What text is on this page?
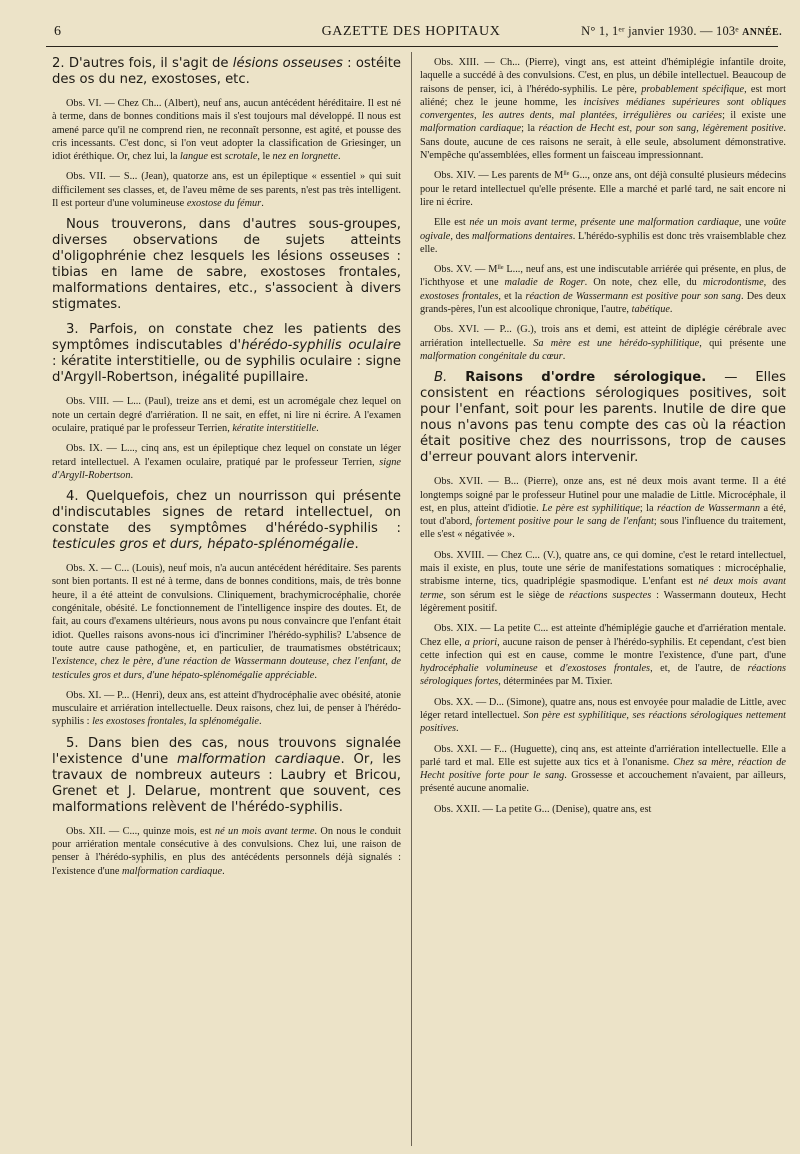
6	GAZETTE DES HOPITAUX	N° 1, 1ᵉʳ janvier 1930. — 103ᵉ ANNÉE.

2. D'autres fois, il s'agit de lésions osseuses : ostéite des os du nez, exostoses, etc.

Obs. VI. — Chez Ch... (Albert), neuf ans, aucun antécédent héréditaire. Il est né à terme, dans de bonnes conditions mais il s'est toujours mal développé. Il nous est amené parce qu'il ne comprend rien, ne reconnaît personne, est agité, et pousse des cris incessants. C'est donc, si l'on veut adopter la classification de Griesinger, un idiot éréthique. Or, chez lui, la langue est scrotale, le nez en lorgnette.

Obs. VII. — S... (Jean), quatorze ans, est un épileptique « essentiel » qui suit difficilement ses classes, et, de l'aveu même de ses parents, n'est pas très intelligent. Il est porteur d'une volumineuse exostose du fémur.

Nous trouverons, dans d'autres sous-groupes, diverses observations de sujets atteints d'oligophrénie chez lesquels les lésions osseuses : tibias en lame de sabre, exostoses frontales, malformations dentaires, etc., s'associent à divers stigmates.

3. Parfois, on constate chez les patients des symptômes indiscutables d'hérédo-syphilis oculaire : kératite interstitielle, ou de syphilis oculaire : signe d'Argyll-Robertson, inégalité pupillaire.

Obs. VIII. — L... (Paul), treize ans et demi, est un acromégale chez lequel on note un certain degré d'arriération. Il ne sait, en effet, ni lire ni écrire. A l'examen oculaire, pratiqué par le professeur Terrien, kératite interstitielle.

Obs. IX. — L..., cinq ans, est un épileptique chez lequel on constate un léger retard intellectuel. A l'examen oculaire, pratiqué par le professeur Terrien, signe d'Argyll-Robertson.

4. Quelquefois, chez un nourrisson qui présente d'indiscutables signes de retard intellectuel, on constate des symptômes d'hérédo-syphilis : testicules gros et durs, hépato-splénomégalie.

Obs. X. — C... (Louis), neuf mois, n'a aucun antécédent héréditaire. Ses parents sont bien portants. Il est né à terme, dans de bonnes conditions, mais, de très bonne heure, il a été atteint de convulsions. Cliniquement, brachymicrocéphalie, chorée congénitale, obésité. Le fonctionnement de l'intelligence inspire des doutes. Et, de fait, au cours d'examens ultérieurs, nous avons pu nous convaincre que l'enfant était idiot. Quelles raisons avons-nous ici d'incriminer l'hérédo-syphilis? L'absence de toute autre cause pathogène, et, en particulier, de traumatismes obstétricaux; l'existence, chez le père, d'une réaction de Wassermann douteuse, chez l'enfant, de testicules gros et durs, d'une hépato-splénomégalie appréciable.

Obs. XI. — P... (Henri), deux ans, est atteint d'hydrocéphalie avec obésité, atonie musculaire et arriération intellectuelle. Deux raisons, chez lui, de penser à l'hérédo-syphilis : les exostoses frontales, la splénomégalie.

5. Dans bien des cas, nous trouvons signalée l'existence d'une malformation cardiaque. Or, les travaux de nombreux auteurs : Laubry et Bricou, Grenet et J. Delarue, montrent que souvent, ces malformations relèvent de l'hérédo-syphilis.

Obs. XII. — C..., quinze mois, est né un mois avant terme. On nous le conduit pour arriération mentale consécutive à des convulsions. Chez lui, une raison de penser à l'hérédo-syphilis, en plus des antécédents personnels déjà signalés : l'existence d'une malformation cardiaque.

Obs. XIII. — Ch... (Pierre), vingt ans, est atteint d'hémiplégie infantile droite, laquelle a succédé à des convulsions. C'est, en plus, un débile intellectuel. Beaucoup de raisons de penser, ici, à l'hérédo-syphilis. Le père, probablement spécifique, est mort aliéné; chez le jeune homme, les incisives médianes supérieures sont obliques convergentes, les autres dents, mal plantées, irrégulières ou cariées; il existe une malformation cardiaque; la réaction de Hecht est, pour son sang, légèrement positive. Sans doute, aucune de ces raisons ne serait, à elle seule, absolument démonstrative. N'empêche qu'assemblées, elles forment un faisceau impressionnant.

Obs. XIV. — Les parents de Mˡˡᵉ G..., onze ans, ont déjà consulté plusieurs médecins pour le retard intellectuel qu'elle présente. Elle a marché et parlé tard, ne sait encore ni lire ni écrire.

Elle est née un mois avant terme, présente une malformation cardiaque, une voûte ogivale, des malformations dentaires. L'hérédo-syphilis est donc très vraisemblable chez elle.

Obs. XV. — Mˡˡᵉ L..., neuf ans, est une indiscutable arriérée qui présente, en plus, de l'ichthyose et une maladie de Roger. On note, chez elle, du microdontisme, des exostoses frontales, et la réaction de Wassermann est positive pour son sang. Des deux grands-pères, l'un est alcoolique chronique, l'autre, tabétique.

Obs. XVI. — P... (G.), trois ans et demi, est atteint de diplégie cérébrale avec arriération intellectuelle. Sa mère est une hérédo-syphilitique, qui présente une malformation congénitale du cœur.

B. Raisons d'ordre sérologique. — Elles consistent en réactions sérologiques positives, soit pour l'enfant, soit pour les parents. Inutile de dire que nous n'avons pas tenu compte des cas où la réaction était positive chez des nourrissons, trop de causes d'erreur pouvant alors intervenir.

Obs. XVII. — B... (Pierre), onze ans, est né deux mois avant terme. Il a été longtemps soigné par le professeur Hutinel pour une maladie de Little. Microcéphale, il est, en plus, atteint d'idiotie. Le père est syphilitique; la réaction de Wassermann a été, tout d'abord, fortement positive pour le sang de l'enfant; sous l'influence du traitement, elle s'est « négativée ».

Obs. XVIII. — Chez C... (V.), quatre ans, ce qui domine, c'est le retard intellectuel, mais il existe, en plus, toute une série de manifestations somatiques : microcéphalie, strabisme interne, tics, quadriplégie spasmodique. L'enfant est né deux mois avant terme, son sérum est le siège de réactions suspectes : Wassermann douteux, Hecht légèrement positif.

Obs. XIX. — La petite C... est atteinte d'hémiplégie gauche et d'arriération mentale. Chez elle, a priori, aucune raison de penser à l'hérédo-syphilis. Et cependant, c'est bien cette infection qui est en cause, comme le montre l'existence, d'une part, d'une hydrocéphalie volumineuse et d'exostoses frontales, et, de l'autre, de réactions sérologiques fortes, déterminées par M. Tixier.

Obs. XX. — D... (Simone), quatre ans, nous est envoyée pour maladie de Little, avec léger retard intellectuel. Son père est syphilitique, ses réactions sérologiques nettement positives.

Obs. XXI. — F... (Huguette), cinq ans, est atteinte d'arriération intellectuelle. Elle a parlé tard et mal. Elle est sujette aux tics et à l'onanisme. Chez sa mère, réaction de Hecht positive forte pour le sang. Grossesse et accouchement n'avaient, par ailleurs, présenté aucune anomalie.

Obs. XXII. — La petite G... (Denise), quatre ans, est
